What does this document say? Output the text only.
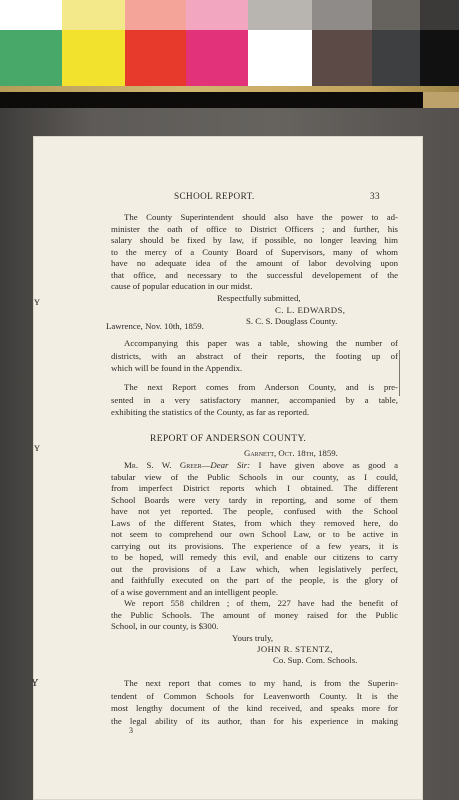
SCHOOL REPORT.	33
The County Superintendent should also have the power to ad-
minister the oath of office to District Officers ; and further, his
salary should be fixed by law, if possible, no longer leaving him
to the mercy of a County Board of Supervisors, many of whom
have no adequate idea of the amount of labor devolving upon
that office, and necessary to the successful developement of the
cause of popular education in our midst.
Respectfully submitted,
C. L. EDWARDS,
S. C. S. Douglass County.
Lawrence, Nov. 10th, 1859.
Accompanying this paper was a table, showing the number of
districts, with an abstract of their reports, the footing up of
which will be found in the Appendix.
The next Report comes from Anderson County, and is pre-
sented in a very satisfactory manner, accompanied by a table,
exhibiting the statistics of the County, as far as reported.
REPORT OF ANDERSON COUNTY.
Garnett, Oct. 18th, 1859.
Mr. S. W. Greer—Dear Sir: I have given above as good a
tabular view of the Public Schools in our county, as I could,
from imperfect District reports which I obtained. The different
School Boards were very tardy in reporting, and some of them
have not yet reported. The people, confused with the School
Laws of the different States, from which they removed here, do
not seem to comprehend our own School Law, or to be active in
carrying out its provisions. The experience of a few years, it is
to be hoped, will remedy this evil, and enable our citizens to carry
out the provisions of a Law which, when legislatively perfect,
and faithfully executed on the part of the people, is the glory of
of a wise government and an intelligent people.
We report 558 children ; of them, 227 have had the benefit of
the Public Schools. The amount of money raised for the Public
School, in our county, is $300.
Yours truly,
JOHN R. STENTZ,
Co. Sup. Com. Schools.
The next report that comes to my hand, is from the Superin-
tendent of Common Schools for Leavenworth County. It is the
most lengthy document of the kind received, and speaks more for
the legal ability of its author, than for his experience in making
3
ʏ
ʏ
ʏ
